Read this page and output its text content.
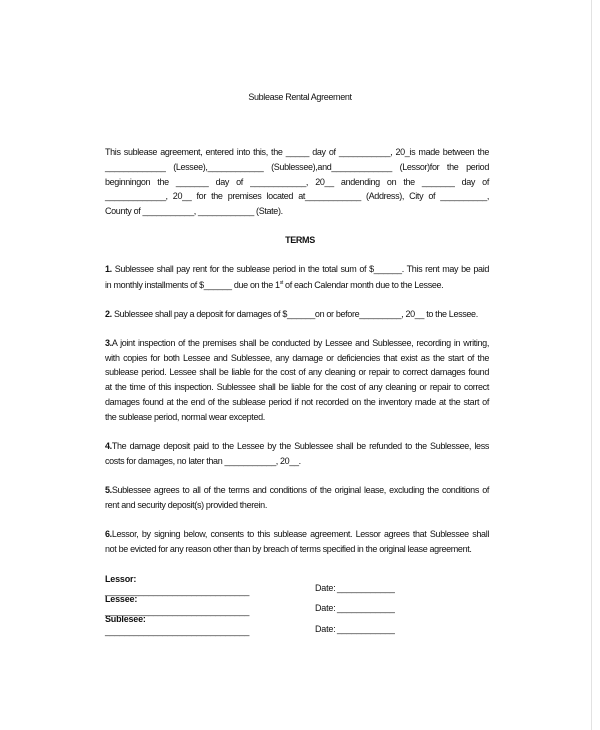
Sublease Rental Agreement
TERMS
This sublease agreement, entered into this, the _____ day of ___________, 20_is made between the
_____________ (Lessee),____________ (Sublessee),and_____________ (Lessor)for the period
beginningon the _______ day of ____________, 20__ andending on the _______ day of
_____________, 20__ for the premises located at____________ (Address), City of __________,
County of ___________, ____________ (State).
1. Sublessee shall pay rent for the sublease period in the total sum of $______. This rent may be paid
in monthly installments of $______ due on the 1st of each Calendar month due to the Lessee.
2. Sublessee shall pay a deposit for damages of $______on or before_________, 20__ to the Lessee.
3.A joint inspection of the premises shall be conducted by Lessee and Sublessee, recording in writing,
with copies for both Lessee and Sublessee, any damage or deficiencies that exist as the start of the
sublease period. Lessee shall be liable for the cost of any cleaning or repair to correct damages found
at the time of this inspection. Sublessee shall be liable for the cost of any cleaning or repair to correct
damages found at the end of the sublease period if not recorded on the inventory made at the start of
the sublease period, normal wear excepted.
4.The damage deposit paid to the Lessee by the Sublessee shall be refunded to the Sublessee, less
costs for damages, no later than ___________, 20__.
5.Sublessee agrees to all of the terms and conditions of the original lease, excluding the conditions of
rent and security deposit(s) provided therein.
6.Lessor, by signing below, consents to this sublease agreement. Lessor agrees that Sublessee shall
not be evicted for any reason other than by breach of terms specified in the original lease agreement.
Lessor:
______________________________	Date: ____________
Lessee:
______________________________	Date: ____________
Sublesee:
______________________________	Date: ____________
